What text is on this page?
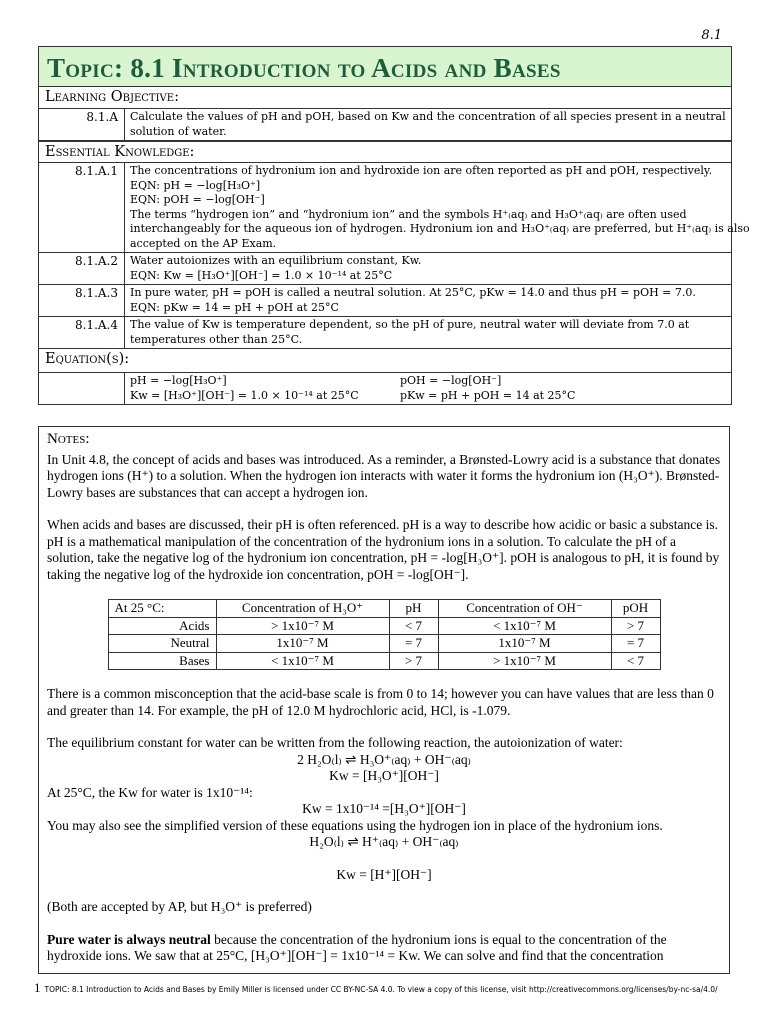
8.1
Topic: 8.1 Introduction to Acids and Bases
Learning Objective:
8.1.A	Calculate the values of pH and pOH, based on Kw and the concentration of all species present in a neutral
solution of water.
Essential Knowledge:
8.1.A.1	The concentrations of hydronium ion and hydroxide ion are often reported as pH and pOH, respectively.
EQN: pH = −log[H₃O⁺]
EQN: pOH = −log[OH⁻]
The terms “hydrogen ion” and “hydronium ion” and the symbols H⁺₍aq₎ and H₃O⁺₍aq₎ are often used
interchangeably for the aqueous ion of hydrogen. Hydronium ion and H₃O⁺₍aq₎ are preferred, but H⁺₍aq₎ is also
accepted on the AP Exam.
8.1.A.2	Water autoionizes with an equilibrium constant, Kw.
EQN: Kw = [H₃O⁺][OH⁻] = 1.0 × 10⁻¹⁴ at 25°C
8.1.A.3	In pure water, pH = pOH is called a neutral solution. At 25°C, pKw = 14.0 and thus pH = pOH = 7.0.
EQN: pKw = 14 = pH + pOH at 25°C
8.1.A.4	The value of Kw is temperature dependent, so the pH of pure, neutral water will deviate from 7.0 at
temperatures other than 25°C.
Equation(s):
pH = −log[H₃O⁺]	pOH = −log[OH⁻]
Kw = [H₃O⁺][OH⁻] = 1.0 × 10⁻¹⁴ at 25°C	pKw = pH + pOH = 14 at 25°C
Notes:

In Unit 4.8, the concept of acids and bases was introduced. As a reminder, a Brønsted-Lowry acid is a substance that donates hydrogen ions (H⁺) to a solution. When the hydrogen ion interacts with water it forms the hydronium ion (H₃O⁺). Brønsted-Lowry bases are substances that can accept a hydrogen ion.

When acids and bases are discussed, their pH is often referenced. pH is a way to describe how acidic or basic a substance is. pH is a mathematical manipulation of the concentration of the hydronium ions in a solution. To calculate the pH of a solution, take the negative log of the hydronium ion concentration, pH = -log[H₃O⁺]. pOH is analogous to pH, it is found by taking the negative log of the hydroxide ion concentration, pOH = -log[OH⁻].

At 25 °C:	Concentration of H₃O⁺	pH	Concentration of OH⁻	pOH
Acids	> 1x10⁻⁷ M	< 7	< 1x10⁻⁷ M	> 7
Neutral	1x10⁻⁷ M	= 7	1x10⁻⁷ M	= 7
Bases	< 1x10⁻⁷ M	> 7	> 1x10⁻⁷ M	< 7

There is a common misconception that the acid-base scale is from 0 to 14; however you can have values that are less than 0 and greater than 14. For example, the pH of 12.0 M hydrochloric acid, HCl, is -1.079.

The equilibrium constant for water can be written from the following reaction, the autoionization of water:
2 H₂O₍l₎ ⇌ H₃O⁺₍aq₎ + OH⁻₍aq₎
Kw = [H₃O⁺][OH⁻]
At 25°C, the Kw for water is 1x10⁻¹⁴:
Kw = 1x10⁻¹⁴ =[H₃O⁺][OH⁻]
You may also see the simplified version of these equations using the hydrogen ion in place of the hydronium ions.
H₂O₍l₎ ⇌ H⁺₍aq₎ + OH⁻₍aq₎
Kw = [H⁺][OH⁻]

(Both are accepted by AP, but H₃O⁺ is preferred)

Pure water is always neutral because the concentration of the hydronium ions is equal to the concentration of the hydroxide ions. We saw that at 25°C, [H₃O⁺][OH⁻] = 1x10⁻¹⁴ = Kw. We can solve and find that the concentration

1 TOPIC: 8.1 Introduction to Acids and Bases by Emily Miller is licensed under CC BY-NC-SA 4.0. To view a copy of this license, visit http://creativecommons.org/licenses/by-nc-sa/4.0/
